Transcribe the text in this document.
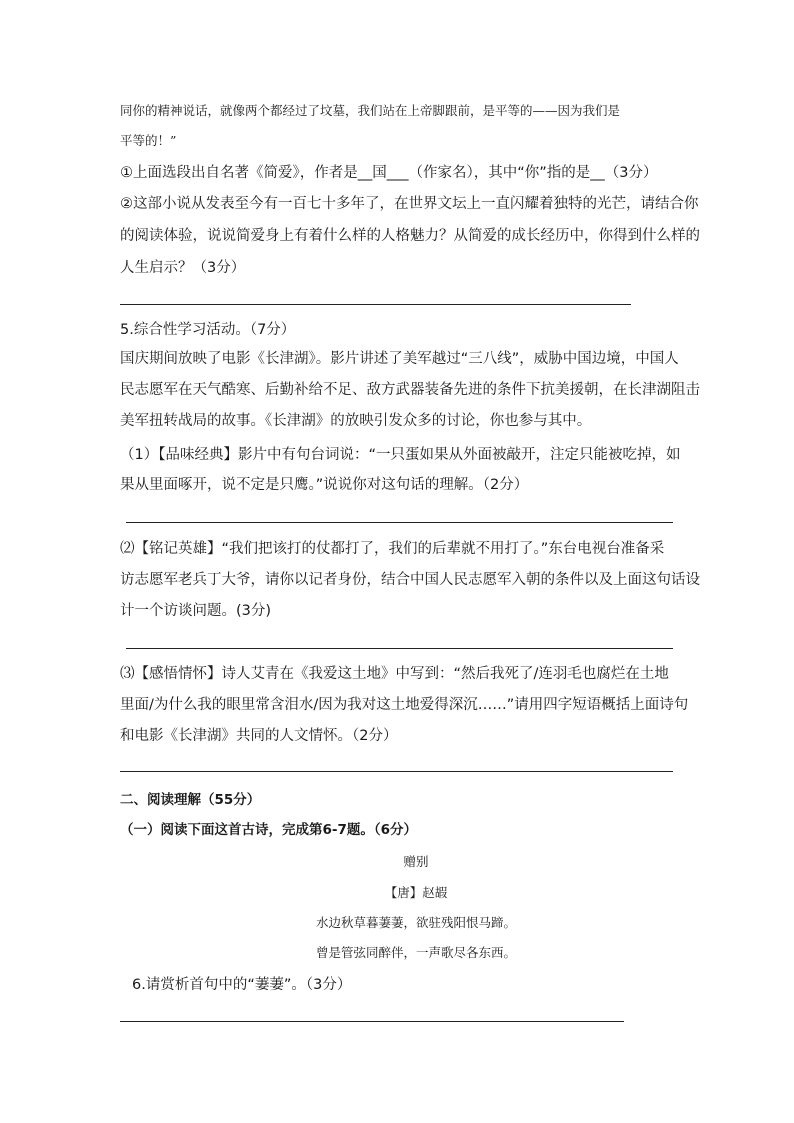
同你的精神说话，就像两个都经过了坟墓，我们站在上帝脚跟前，是平等的——因为我们是
平等的！”
①上面选段出自名著《简爱》，作者是__国___（作家名），其中“你”指的是__（3分）
②这部小说从发表至今有一百七十多年了，在世界文坛上一直闪耀着独特的光芒，请结合你
的阅读体验，说说简爱身上有着什么样的人格魅力？从简爱的成长经历中，你得到什么样的
人生启示？（3分）
5.综合性学习活动。（7分）
国庆期间放映了电影《长津湖》。影片讲述了美军越过“三八线”，威胁中国边境，中国人
民志愿军在天气酷寒、后勤补给不足、敌方武器装备先进的条件下抗美援朝，在长津湖阻击
美军扭转战局的故事。《长津湖》的放映引发众多的讨论，你也参与其中。
（1）【品味经典】影片中有句台词说：“一只蛋如果从外面被敲开，注定只能被吃掉，如
果从里面啄开，说不定是只鹰。”说说你对这句话的理解。（2分）
⑵【铭记英雄】“我们把该打的仗都打了，我们的后辈就不用打了。”东台电视台准备采
访志愿军老兵丁大爷，请你以记者身份，结合中国人民志愿军入朝的条件以及上面这句话设
计一个访谈问题。(3分)
⑶【感悟情怀】诗人艾青在《我爱这土地》中写到：“然后我死了/连羽毛也腐烂在土地
里面/为什么我的眼里常含泪水/因为我对这土地爱得深沉……”请用四字短语概括上面诗句
和电影《长津湖》共同的人文情怀。（2分）
二、阅读理解（55分）
（一）阅读下面这首古诗，完成第6-7题。（6分）
赠别
【唐】赵嘏
水边秋草暮萋萋，欲驻残阳恨马蹄。
曾是管弦同醉伴，一声歌尽各东西。
6.请赏析首句中的“萋萋”。（3分）
